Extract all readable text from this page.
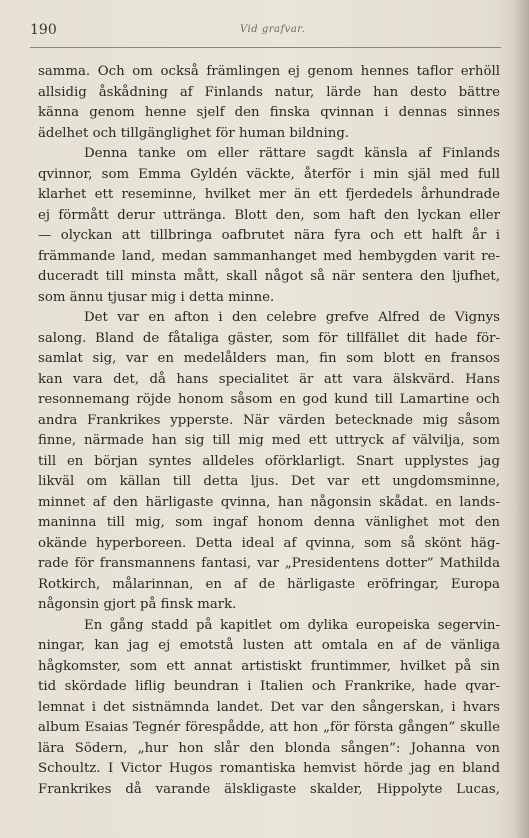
190	Vid grafvar.
samma. Och om också främlingen ej genom hennes taflor erhöll
allsidig åskådning af Finlands natur, lärde han desto bättre
känna genom henne sjelf den finska qvinnan i dennas sinnes
ädelhet och tillgänglighet för human bildning.
Denna tanke om eller rättare sagdt känsla af Finlands
qvinnor, som Emma Gyldén väckte, återför i min själ med full
klarhet ett reseminne, hvilket mer än ett fjerdedels århundrade
ej förmått derur uttränga. Blott den, som haft den lyckan eller
— olyckan att tillbringa oafbrutet nära fyra och ett halft år i
främmande land, medan sammanhanget med hembygden varit re-
duceradt till minsta mått, skall något så när sentera den ljufhet,
som ännu tjusar mig i detta minne.
Det var en afton i den celebre grefve Alfred de Vignys
salong. Bland de fåtaliga gäster, som för tillfället dit hade för-
samlat sig, var en medelålders man, fin som blott en fransos
kan vara det, då hans specialitet är att vara älskvärd. Hans
resonnemang röjde honom såsom en god kund till Lamartine och
andra Frankrikes ypperste. När värden betecknade mig såsom
finne, närmade han sig till mig med ett uttryck af välvilja, som
till en början syntes alldeles oförklarligt. Snart upplystes jag
likväl om källan till detta ljus. Det var ett ungdomsminne,
minnet af den härligaste qvinna, han någonsin skådat. en lands-
maninna till mig, som ingaf honom denna vänlighet mot den
okände hyperboreen. Detta ideal af qvinna, som så skönt häg-
rade för fransmannens fantasi, var „Presidentens dotter” Mathilda
Rotkirch, målarinnan, en af de härligaste eröfringar, Europa
någonsin gjort på finsk mark.
En gång stadd på kapitlet om dylika europeiska segervin-
ningar, kan jag ej emotstå lusten att omtala en af de vänliga
hågkomster, som ett annat artistiskt fruntimmer, hvilket på sin
tid skördade liflig beundran i Italien och Frankrike, hade qvar-
lemnat i det sistnämnda landet. Det var den sångerskan, i hvars
album Esaias Tegnér förespådde, att hon „för första gången” skulle
lära Södern, „hur hon slår den blonda sången”: Johanna von
Schoultz. I Victor Hugos romantiska hemvist hörde jag en bland
Frankrikes då varande älskligaste skalder, Hippolyte Lucas,
